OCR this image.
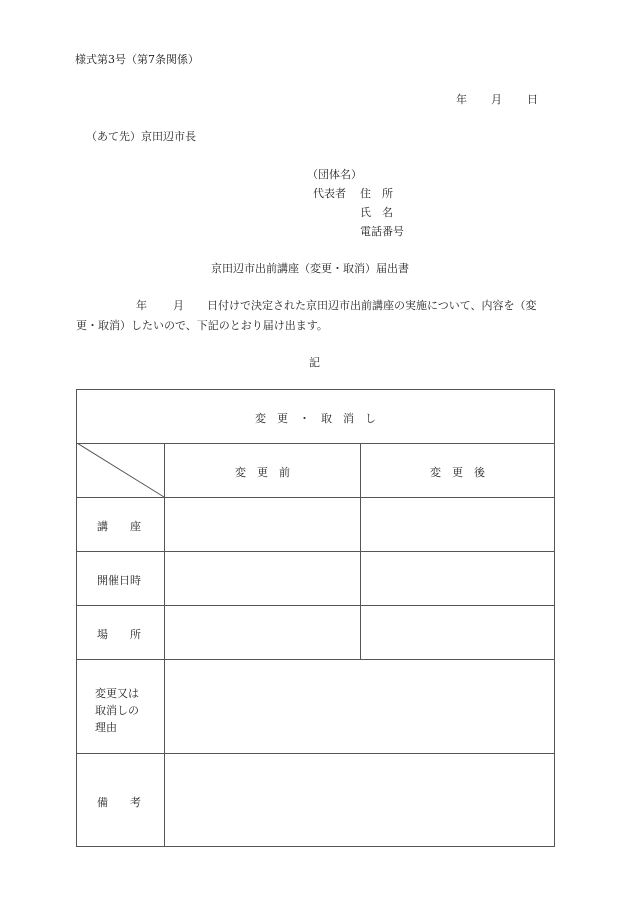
様式第3号（第7条関係）
年 月 日
（あて先）京田辺市長
（団体名）
代表者 住　所
氏　名
電話番号
京田辺市出前講座（変更・取消）届出書
年 月 日付けで決定された京田辺市出前講座の実施について、内容を（変
更・取消）したいので、下記のとおり届け出ます。
記
変　更　・　取　消　し
変　更　前	変　更　後
講　　座
開催日時
場　　所
変更又は
取消しの
理由
備　　考
